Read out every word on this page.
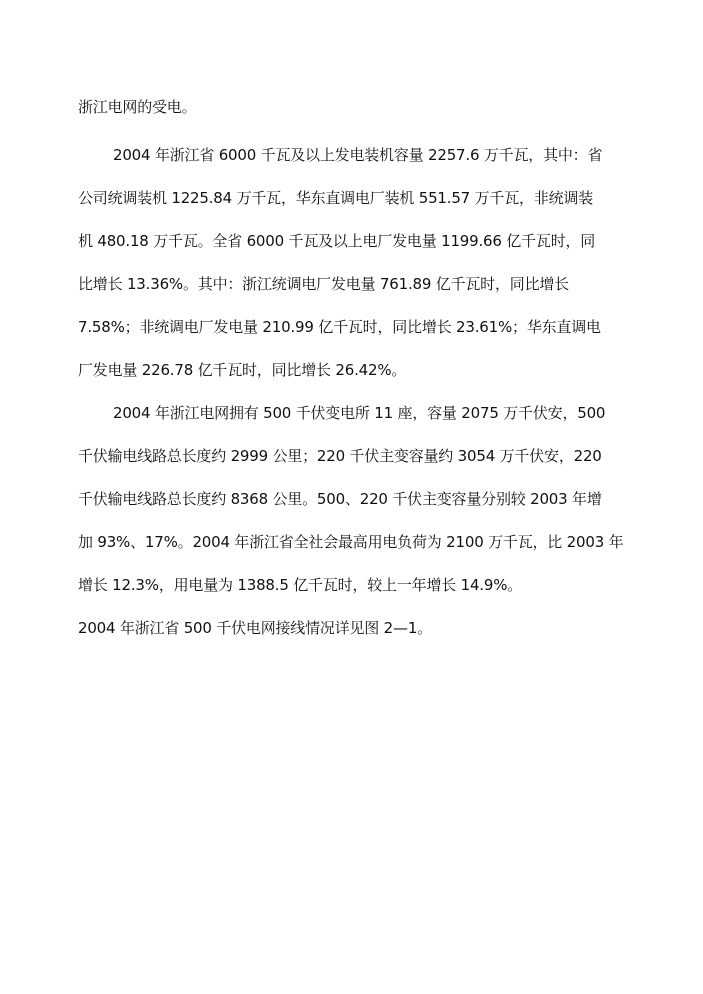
浙江电网的受电。
2004 年浙江省 6000 千瓦及以上发电装机容量 2257.6 万千瓦，其中：省
公司统调装机 1225.84 万千瓦，华东直调电厂装机 551.57 万千瓦，非统调装
机 480.18 万千瓦。全省 6000 千瓦及以上电厂发电量 1199.66 亿千瓦时，同
比增长 13.36%。其中：浙江统调电厂发电量 761.89 亿千瓦时，同比增长
7.58%；非统调电厂发电量 210.99 亿千瓦时，同比增长 23.61%；华东直调电
厂发电量 226.78 亿千瓦时，同比增长 26.42%。
2004 年浙江电网拥有 500 千伏变电所 11 座，容量 2075 万千伏安，500
千伏输电线路总长度约 2999 公里；220 千伏主变容量约 3054 万千伏安，220
千伏输电线路总长度约 8368 公里。500、220 千伏主变容量分别较 2003 年增
加 93%、17%。2004 年浙江省全社会最高用电负荷为 2100 万千瓦，比 2003 年
增长 12.3%，用电量为 1388.5 亿千瓦时，较上一年增长 14.9%。
2004 年浙江省 500 千伏电网接线情况详见图 2—1。
